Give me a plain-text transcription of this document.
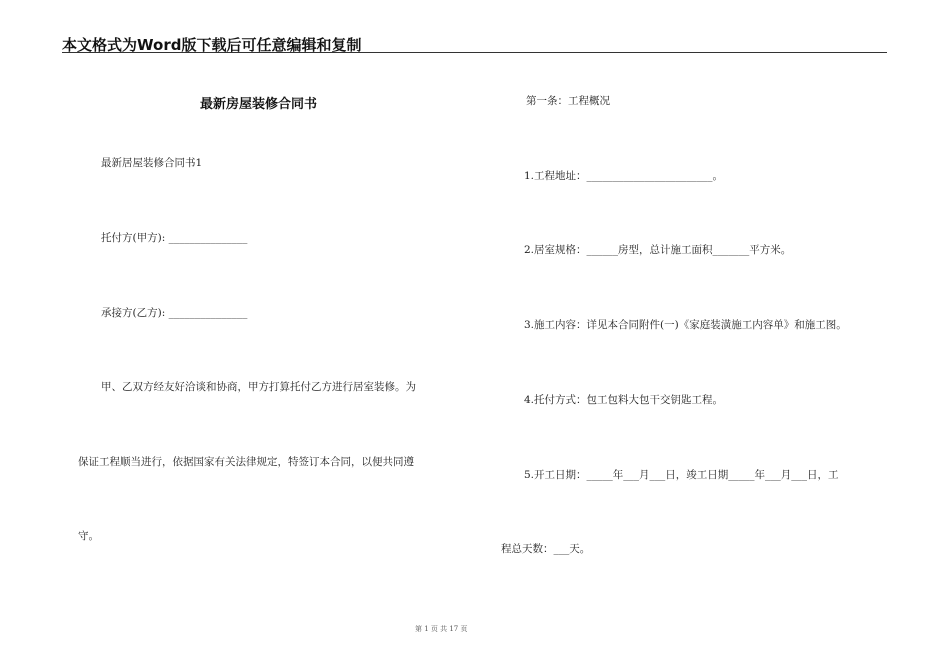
本文格式为Word版下载后可任意编辑和复制
最新房屋装修合同书
最新居屋装修合同书1
托付方(甲方): _______________
承接方(乙方): _______________
甲、乙双方经友好洽谈和协商，甲方打算托付乙方进行居室装修。为
保证工程顺当进行，依据国家有关法律规定，特签订本合同，以便共同遵
守。
第一条：工程概况
1.工程地址：________________________。
2.居室规格：______房型，总计施工面积_______平方米。
3.施工内容：详见本合同附件(一)《家庭装潢施工内容单》和施工图。
4.托付方式：包工包料大包干交钥匙工程。
5.开工日期：_____年___月___日，竣工日期_____年___月___日，工
程总天数：___天。
第 1 页 共 17 页
